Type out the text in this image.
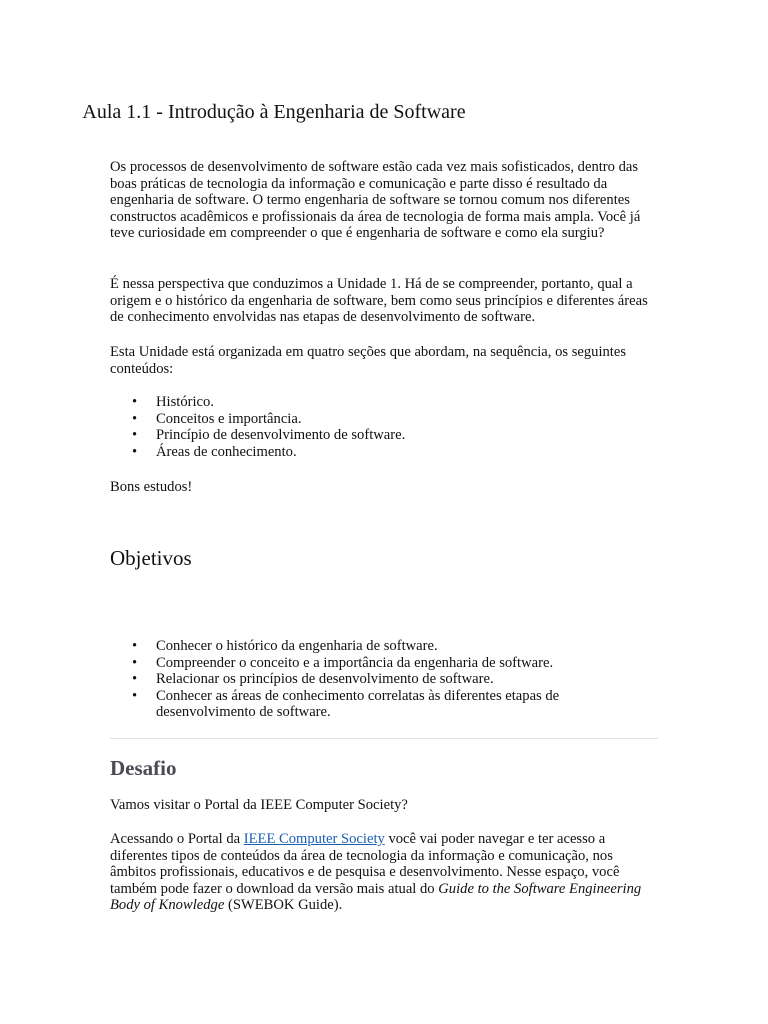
Aula 1.1 - Introdução à Engenharia de Software

Os processos de desenvolvimento de software estão cada vez mais sofisticados, dentro das boas práticas de tecnologia da informação e comunicação e parte disso é resultado da engenharia de software. O termo engenharia de software se tornou comum nos diferentes constructos acadêmicos e profissionais da área de tecnologia de forma mais ampla. Você já teve curiosidade em compreender o que é engenharia de software e como ela surgiu?

É nessa perspectiva que conduzimos a Unidade 1. Há de se compreender, portanto, qual a origem e o histórico da engenharia de software, bem como seus princípios e diferentes áreas de conhecimento envolvidas nas etapas de desenvolvimento de software.

Esta Unidade está organizada em quatro seções que abordam, na sequência, os seguintes conteúdos:

• Histórico.
• Conceitos e importância.
• Princípio de desenvolvimento de software.
• Áreas de conhecimento.

Bons estudos!

Objetivos
• Conhecer o histórico da engenharia de software.
• Compreender o conceito e a importância da engenharia de software.
• Relacionar os princípios de desenvolvimento de software.
• Conhecer as áreas de conhecimento correlatas às diferentes etapas de desenvolvimento de software.
Desafio

Vamos visitar o Portal da IEEE Computer Society?

Acessando o Portal da IEEE Computer Society você vai poder navegar e ter acesso a diferentes tipos de conteúdos da área de tecnologia da informação e comunicação, nos âmbitos profissionais, educativos e de pesquisa e desenvolvimento. Nesse espaço, você também pode fazer o download da versão mais atual do Guide to the Software Engineering Body of Knowledge (SWEBOK Guide).
